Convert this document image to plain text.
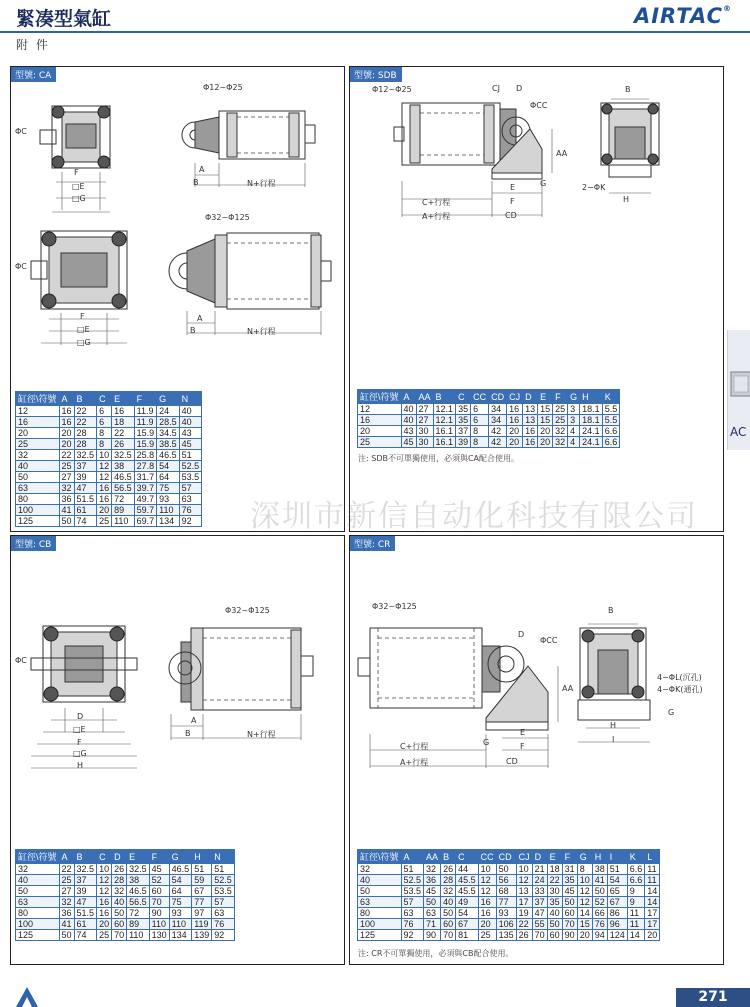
緊凑型氣缸
附 件
AIRTAC®
型號: CA
ΦC
F
□E
□G
Φ12~Φ25
A
B	N+行程
ΦC
F
□E
□G
Φ32~Φ125
A
B	N+行程
缸徑\符號	A	B	C	E	F	G	N
12	16	22	6	16	11.9	24	40
16	16	22	6	18	11.9	28.5	40
20	20	28	8	22	15.9	34.5	43
25	20	28	8	26	15.9	38.5	45
32	22	32.5	10	32.5	25.8	46.5	51
40	25	37	12	38	27.8	54	52.5
50	27	39	12	46.5	31.7	64	53.5
63	32	47	16	56.5	39.7	75	57
80	36	51.5	16	72	49.7	93	63
100	41	61	20	89	59.7	110	76
125	50	74	25	110	69.7	134	92
型號: SDB
Φ12~Φ25	CJ D
ΦCC
AA
G
E
F
C+行程
A+行程	CD
B
2−ΦK
H
缸徑\符號	A	AA	B	C	CC	CD	CJ	D	E	F	G	H	K
12	40	27	12.1	35	6	34	16	13	15	25	3	18.1	5.5
16	40	27	12.1	35	6	34	16	13	15	25	3	18.1	5.5
20	43	30	16.1	37	8	42	20	16	20	32	4	24.1	6.6
25	45	30	16.1	39	8	42	20	16	20	32	4	24.1	6.6
注: SDB不可單獨使用，必須與CA配合使用。
型號: CB
Φ32~Φ125
ΦC
D
□E
F
□G
H
A
B	N+行程
缸徑\符號	A	B	C	D	E	F	G	H	N
32	22	32.5	10	26	32.5	45	46.5	51	51
40	25	37	12	28	38	52	54	59	52.5
50	27	39	12	32	46.5	60	64	67	53.5
63	32	47	16	40	56.5	70	75	77	57
80	36	51.5	16	50	72	90	93	97	63
100	41	61	20	60	89	110	110	119	76
125	50	74	25	70	110	130	134	139	92
型號: CR
Φ32~Φ125
D
ΦCC
AA
G
E
F
C+行程
A+行程	CD
B
4−ΦL(沉孔)
4−ΦK(通孔)
H
I
G
缸徑\符號	A	AA	B	C	CC	CD	CJ	D	E	F	G	H	I	K	L
32	51	32	26	44	10	50	10	21	18	31	8	38	51	6.6	11
40	52.5	36	28	45.5	12	56	12	24	22	35	10	41	54	6.6	11
50	53.5	45	32	45.5	12	68	13	33	30	45	12	50	65	9	14
63	57	50	40	49	16	77	17	37	35	50	12	52	67	9	14
80	63	63	50	54	16	93	19	47	40	60	14	66	86	11	17
100	76	71	60	67	20	106	22	55	50	70	15	76	96	11	17
125	92	90	70	81	25	135	26	70	60	90	20	94	124	14	20
注: CR不可單獨使用，必須與CB配合使用。
深圳市新信自动化科技有限公司
AC
271
